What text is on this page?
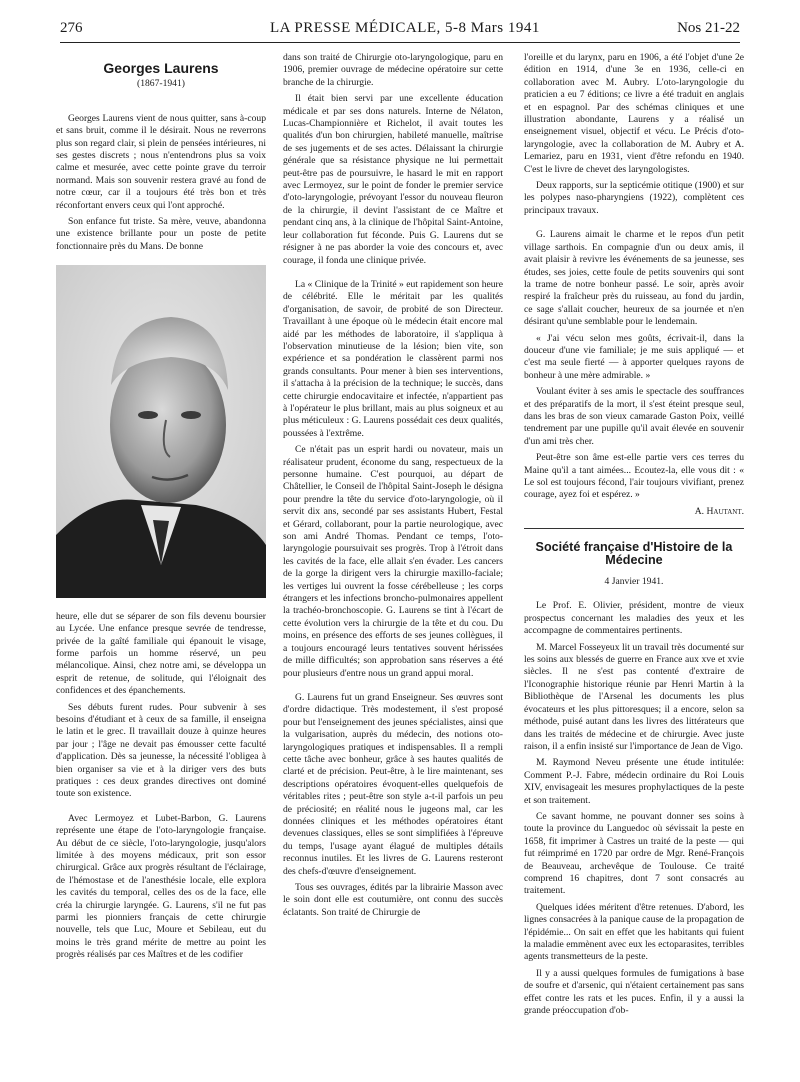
276	LA PRESSE MÉDICALE, 5-8 Mars 1941	Nos 21-22
Georges Laurens
(1867-1941)

Georges Laurens vient de nous quitter, sans à-coup et sans bruit, comme il le désirait. Nous ne reverrons plus son regard clair, si plein de pensées intérieures, ni ses gestes discrets ; nous n'entendrons plus sa voix calme et mesurée, avec cette pointe grave du terroir normand. Mais son souvenir restera gravé au fond de notre cœur, car il a toujours été très bon et très réconfortant envers ceux qui l'ont approché.

Son enfance fut triste. Sa mère, veuve, abandonna une existence brillante pour un poste de petite fonctionnaire près du Mans. De bonne

heure, elle dut se séparer de son fils devenu boursier au Lycée. Une enfance presque sevrée de tendresse, privée de la gaîté familiale qui épanouit le visage, forme parfois un homme réservé, un peu mélancolique. Ainsi, chez notre ami, se développa un esprit de retenue, de solitude, qui l'éloignait des confidences et des épanchements.

Ses débuts furent rudes. Pour subvenir à ses besoins d'étudiant et à ceux de sa famille, il enseigna le latin et le grec. Il travaillait douze à quinze heures par jour ; l'âge ne devait pas émousser cette faculté d'application. Dès sa jeunesse, la nécessité l'obligea à bien organiser sa vie et à la diriger vers des buts pratiques : ces deux grandes directives ont dominé toute son existence.

Avec Lermoyez et Lubet-Barbon, G. Laurens représente une étape de l'oto-laryngologie française. Au début de ce siècle, l'oto-laryngologie, jusqu'alors limitée à des moyens médicaux, prit son essor chirurgical. Grâce aux progrès résultant de l'éclairage, de l'hémostase et de l'anesthésie locale, elle explora les cavités du temporal, celles des os de la face, elle créa la chirurgie laryngée. G. Laurens, s'il ne fut pas parmi les pionniers français de cette chirurgie nouvelle, tels que Luc, Moure et Sebileau, eut du moins le très grand mérite de mettre au point les progrès réalisés par ces Maîtres et de les codifier

dans son traité de Chirurgie oto-laryngologique, paru en 1906, premier ouvrage de médecine opératoire sur cette branche de la chirurgie.

Il était bien servi par une excellente éducation médicale et par ses dons naturels. Interne de Nélaton, Lucas-Championnière et Richelot, il avait toutes les qualités d'un bon chirurgien, habileté manuelle, maîtrise de ses jugements et de ses actes. Délaissant la chirurgie générale que sa résistance physique ne lui permettait peut-être pas de poursuivre, le hasard le mit en rapport avec Lermoyez, sur le point de fonder le premier service d'oto-laryngologie, prévoyant l'essor du nouveau fleuron de la chirurgie, il devint l'assistant de ce Maître et pendant cinq ans, à la clinique de l'hôpital Saint-Antoine, leur collaboration fut féconde. Puis G. Laurens dut se résigner à ne pas aborder la voie des concours et, avec courage, il fonda une clinique privée.

La « Clinique de la Trinité » eut rapidement son heure de célébrité. Elle le méritait par les qualités d'organisation, de savoir, de probité de son Directeur. Travaillant à une époque où le médecin était encore mal aidé par les méthodes de laboratoire, il s'appliqua à l'observation minutieuse de la lésion; bien vite, son expérience et sa pondération le classèrent parmi nos grands consultants. Pour mener à bien ses interventions, il s'attacha à la précision de la technique; le succès, dans cette chirurgie endocavitaire et infectée, n'appartient pas à l'opérateur le plus brillant, mais au plus soigneux et au plus méticuleux : G. Laurens possédait ces deux qualités, poussées à l'extrême.

Ce n'était pas un esprit hardi ou novateur, mais un réalisateur prudent, économe du sang, respectueux de la personne humaine. C'est pourquoi, au départ de Châtellier, le Conseil de l'hôpital Saint-Joseph le désigna pour prendre la tête du service d'oto-laryngologie, où il servit dix ans, secondé par ses assistants Hubert, Festal et Gérard, collaborant, pour la partie neurologique, avec son ami André Thomas. Pendant ce temps, l'oto-laryngologie poursuivait ses progrès. Trop à l'étroit dans les cavités de la face, elle allait s'en évader. Les cancers de la gorge la dirigent vers la chirurgie maxillo-faciale; les vertiges lui ouvrent la fosse cérébelleuse ; les corps étrangers et les infections broncho-pulmonaires appellent la trachéo-bronchoscopie. G. Laurens se tint à l'écart de cette évolution vers la chirurgie de la tête et du cou. Du moins, en présence des efforts de ses jeunes collègues, il a toujours encouragé leurs tentatives souvent hérissées de mille difficultés; son approbation sans réserves a été pour plusieurs d'entre nous un grand appui moral.

G. Laurens fut un grand Enseigneur. Ses œuvres sont d'ordre didactique. Très modestement, il s'est proposé pour but l'enseignement des jeunes spécialistes, ainsi que la vulgarisation, auprès du médecin, des notions oto-laryngologiques pratiques et indispensables. Il a rempli cette tâche avec bonheur, grâce à ses hautes qualités de clarté et de précision. Peut-être, à le lire maintenant, ses descriptions opératoires évoquent-elles quelquefois de véritables rites ; peut-être son style a-t-il parfois un peu de préciosité; en réalité nous le jugeons mal, car les données cliniques et les méthodes opératoires étant devenues classiques, elles se sont simplifiées à l'épreuve du temps, l'usage ayant élagué de multiples détails reconnus inutiles. Et les livres de G. Laurens resteront des chefs-d'œuvre d'enseignement.

Tous ses ouvrages, édités par la librairie Masson avec le soin dont elle est coutumière, ont connu des succès éclatants. Son traité de Chirurgie de

l'oreille et du larynx, paru en 1906, a été l'objet d'une 2e édition en 1914, d'une 3e en 1936, celle-ci en collaboration avec M. Aubry. L'oto-laryngologie du praticien a eu 7 éditions; ce livre a été traduit en anglais et en espagnol. Par des schémas cliniques et une illustration abondante, Laurens y a réalisé un enseignement visuel, objectif et vécu. Le Précis d'oto-laryngologie, avec la collaboration de M. Aubry et A. Lemariez, paru en 1931, vient d'être refondu en 1940. C'est le livre de chevet des laryngologistes.

Deux rapports, sur la septicémie otitique (1900) et sur les polypes naso-pharyngiens (1922), complètent ces principaux travaux.

G. Laurens aimait le charme et le repos d'un petit village sarthois. En compagnie d'un ou deux amis, il avait plaisir à revivre les événements de sa jeunesse, ses études, ses joies, cette foule de petits souvenirs qui sont la trame de notre bonheur passé. Le soir, après avoir respiré la fraîcheur près du ruisseau, au fond du jardin, ce sage s'allait coucher, heureux de sa journée et n'en désirant qu'une semblable pour le lendemain.

« J'ai vécu selon mes goûts, écrivait-il, dans la douceur d'une vie familiale; je me suis appliqué — et c'est ma seule fierté — à apporter quelques rayons de bonheur à une mère admirable. »

Voulant éviter à ses amis le spectacle des souffrances et des préparatifs de la mort, il s'est éteint presque seul, dans les bras de son vieux camarade Gaston Poix, veillé tendrement par une pupille qu'il avait élevée en souvenir d'un ami très cher.

Peut-être son âme est-elle partie vers ces terres du Maine qu'il a tant aimées... Ecoutez-la, elle vous dit : « Le sol est toujours fécond, l'air toujours vivifiant, prenez courage, ayez foi et espérez. »

A. Hautant.
Société française d'Histoire de la Médecine
4 Janvier 1941.

Le Prof. E. Olivier, président, montre de vieux prospectus concernant les maladies des yeux et les accompagne de commentaires pertinents.

M. Marcel Fosseyeux lit un travail très documenté sur les soins aux blessés de guerre en France aux xve et xvie siècles. Il ne s'est pas contenté d'extraire de l'Iconographie historique réunie par Henri Martin à la Bibliothèque de l'Arsenal les documents les plus évocateurs et les plus pittoresques; il a encore, selon sa méthode, puisé autant dans les livres des littérateurs que dans les traités de médecine et de chirurgie. Avec juste raison, il a enfin insisté sur l'importance de Jean de Vigo.

M. Raymond Neveu présente une étude intitulée: Comment P.-J. Fabre, médecin ordinaire du Roi Louis XIV, envisageait les mesures prophylactiques de la peste et son traitement.

Ce savant homme, ne pouvant donner ses soins à toute la province du Languedoc où sévissait la peste en 1658, fit imprimer à Castres un traité de la peste — qui fut réimprimé en 1720 par ordre de Mgr. René-François de Beauveau, archevêque de Toulouse. Ce traité comprend 16 chapitres, dont 7 sont consacrés au traitement.

Quelques idées méritent d'être retenues. D'abord, les lignes consacrées à la panique cause de la propagation de l'épidémie... On sait en effet que les habitants qui fuient la maladie emmènent avec eux les ectoparasites, terribles agents transmetteurs de la peste.

Il y a aussi quelques formules de fumigations à base de soufre et d'arsenic, qui n'étaient certainement pas sans effet contre les rats et les puces. Enfin, il y a aussi la grande préoccupation d'ob-
